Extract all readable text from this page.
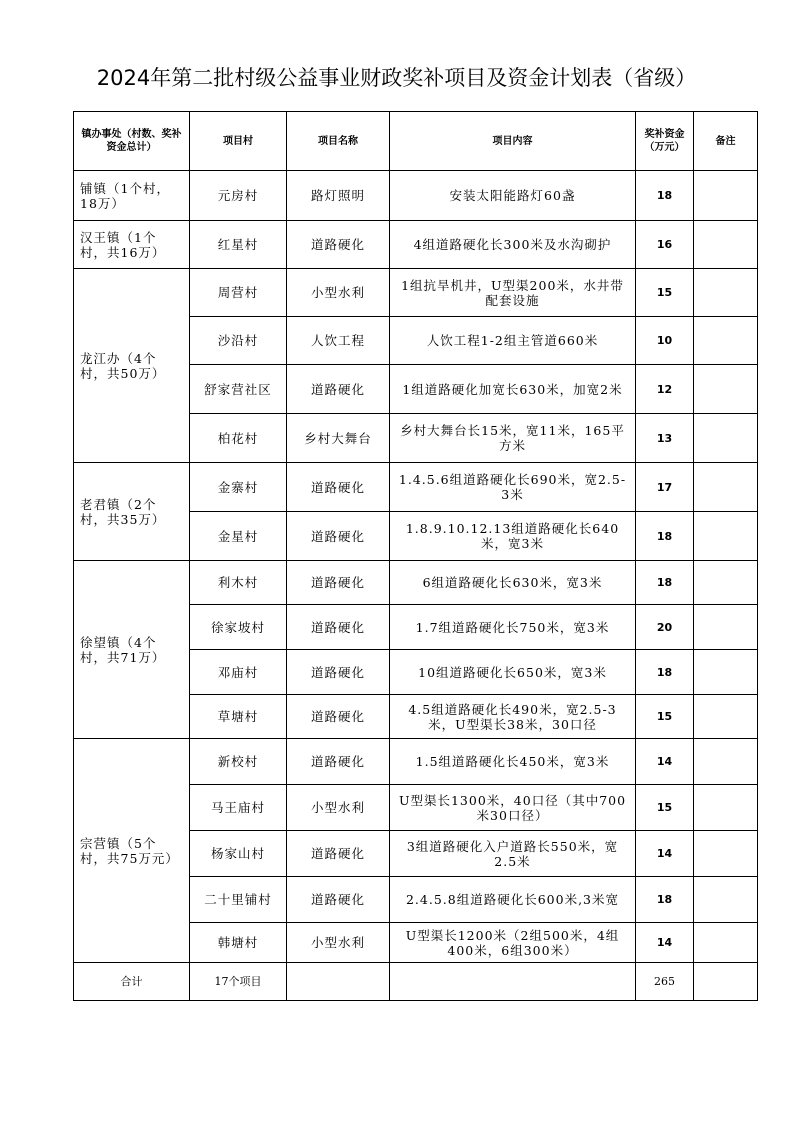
2024年第二批村级公益事业财政奖补项目及资金计划表（省级）
镇办事处（村数、奖补资金总计）	项目村	项目名称	项目内容	奖补资金（万元）	备注
铺镇（1个村，18万）	元房村	路灯照明	安装太阳能路灯60盏	18	
汉王镇（1个村，共16万）	红星村	道路硬化	4组道路硬化长300米及水沟砌护	16	
龙江办（4个村，共50万）	周营村	小型水利	1组抗旱机井，U型渠200米，水井带配套设施	15	
	沙沿村	人饮工程	人饮工程1-2组主管道660米	10	
	舒家营社区	道路硬化	1组道路硬化加宽长630米，加宽2米	12	
	柏花村	乡村大舞台	乡村大舞台长15米，宽11米，165平方米	13	
老君镇（2个村，共35万）	金寨村	道路硬化	1.4.5.6组道路硬化长690米，宽2.5-3米	17	
	金星村	道路硬化	1.8.9.10.12.13组道路硬化长640米，宽3米	18	
徐望镇（4个村，共71万）	利木村	道路硬化	6组道路硬化长630米，宽3米	18	
	徐家坡村	道路硬化	1.7组道路硬化长750米，宽3米	20	
	邓庙村	道路硬化	10组道路硬化长650米，宽3米	18	
	草塘村	道路硬化	4.5组道路硬化长490米，宽2.5-3米，U型渠长38米，30口径	15	
宗营镇（5个村，共75万元）	新校村	道路硬化	1.5组道路硬化长450米，宽3米	14	
	马王庙村	小型水利	U型渠长1300米，40口径（其中700米30口径）	15	
	杨家山村	道路硬化	3组道路硬化入户道路长550米，宽2.5米	14	
	二十里铺村	道路硬化	2.4.5.8组道路硬化长600米,3米宽	18	
	韩塘村	小型水利	U型渠长1200米（2组500米，4组400米，6组300米）	14	
合计	17个项目			265	
